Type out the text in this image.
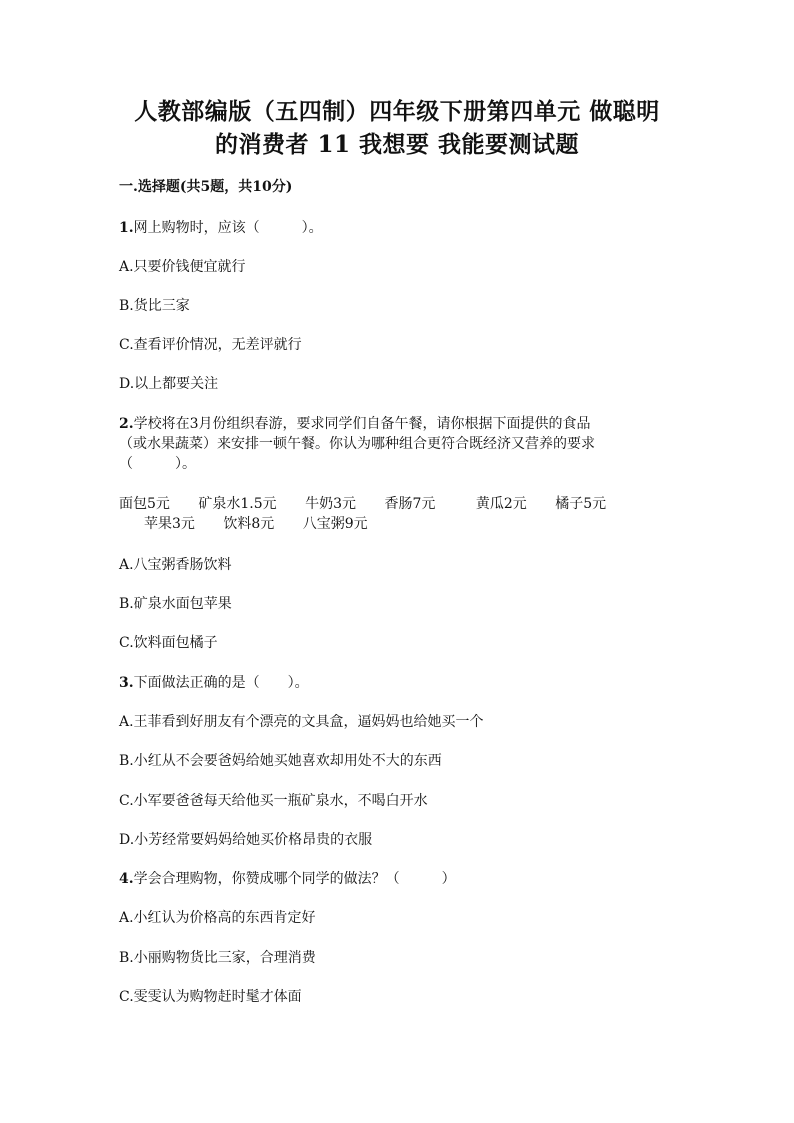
人教部编版（五四制）四年级下册第四单元 做聪明
的消费者 11 我想要 我能要测试题
一.选择题(共5题，共10分)
1.网上购物时，应该（　　　）。
A.只要价钱便宜就行
B.货比三家
C.查看评价情况，无差评就行
D.以上都要关注
2.学校将在3月份组织春游，要求同学们自备午餐，请你根据下面提供的食品
（或水果蔬菜）来安排一顿午餐。你认为哪种组合更符合既经济又营养的要求
（　　　）。
面包5元 矿泉水1.5元 牛奶3元 香肠7元	黄瓜2元 橘子5元
苹果3元 饮料8元 八宝粥9元
A.八宝粥香肠饮料
B.矿泉水面包苹果
C.饮料面包橘子
3.下面做法正确的是（　　）。
A.王菲看到好朋友有个漂亮的文具盒，逼妈妈也给她买一个
B.小红从不会要爸妈给她买她喜欢却用处不大的东西
C.小军要爸爸每天给他买一瓶矿泉水，不喝白开水
D.小芳经常要妈妈给她买价格昂贵的衣服
4.学会合理购物，你赞成哪个同学的做法？（　　　）
A.小红认为价格高的东西肯定好
B.小丽购物货比三家，合理消费
C.雯雯认为购物赶时髦才体面
